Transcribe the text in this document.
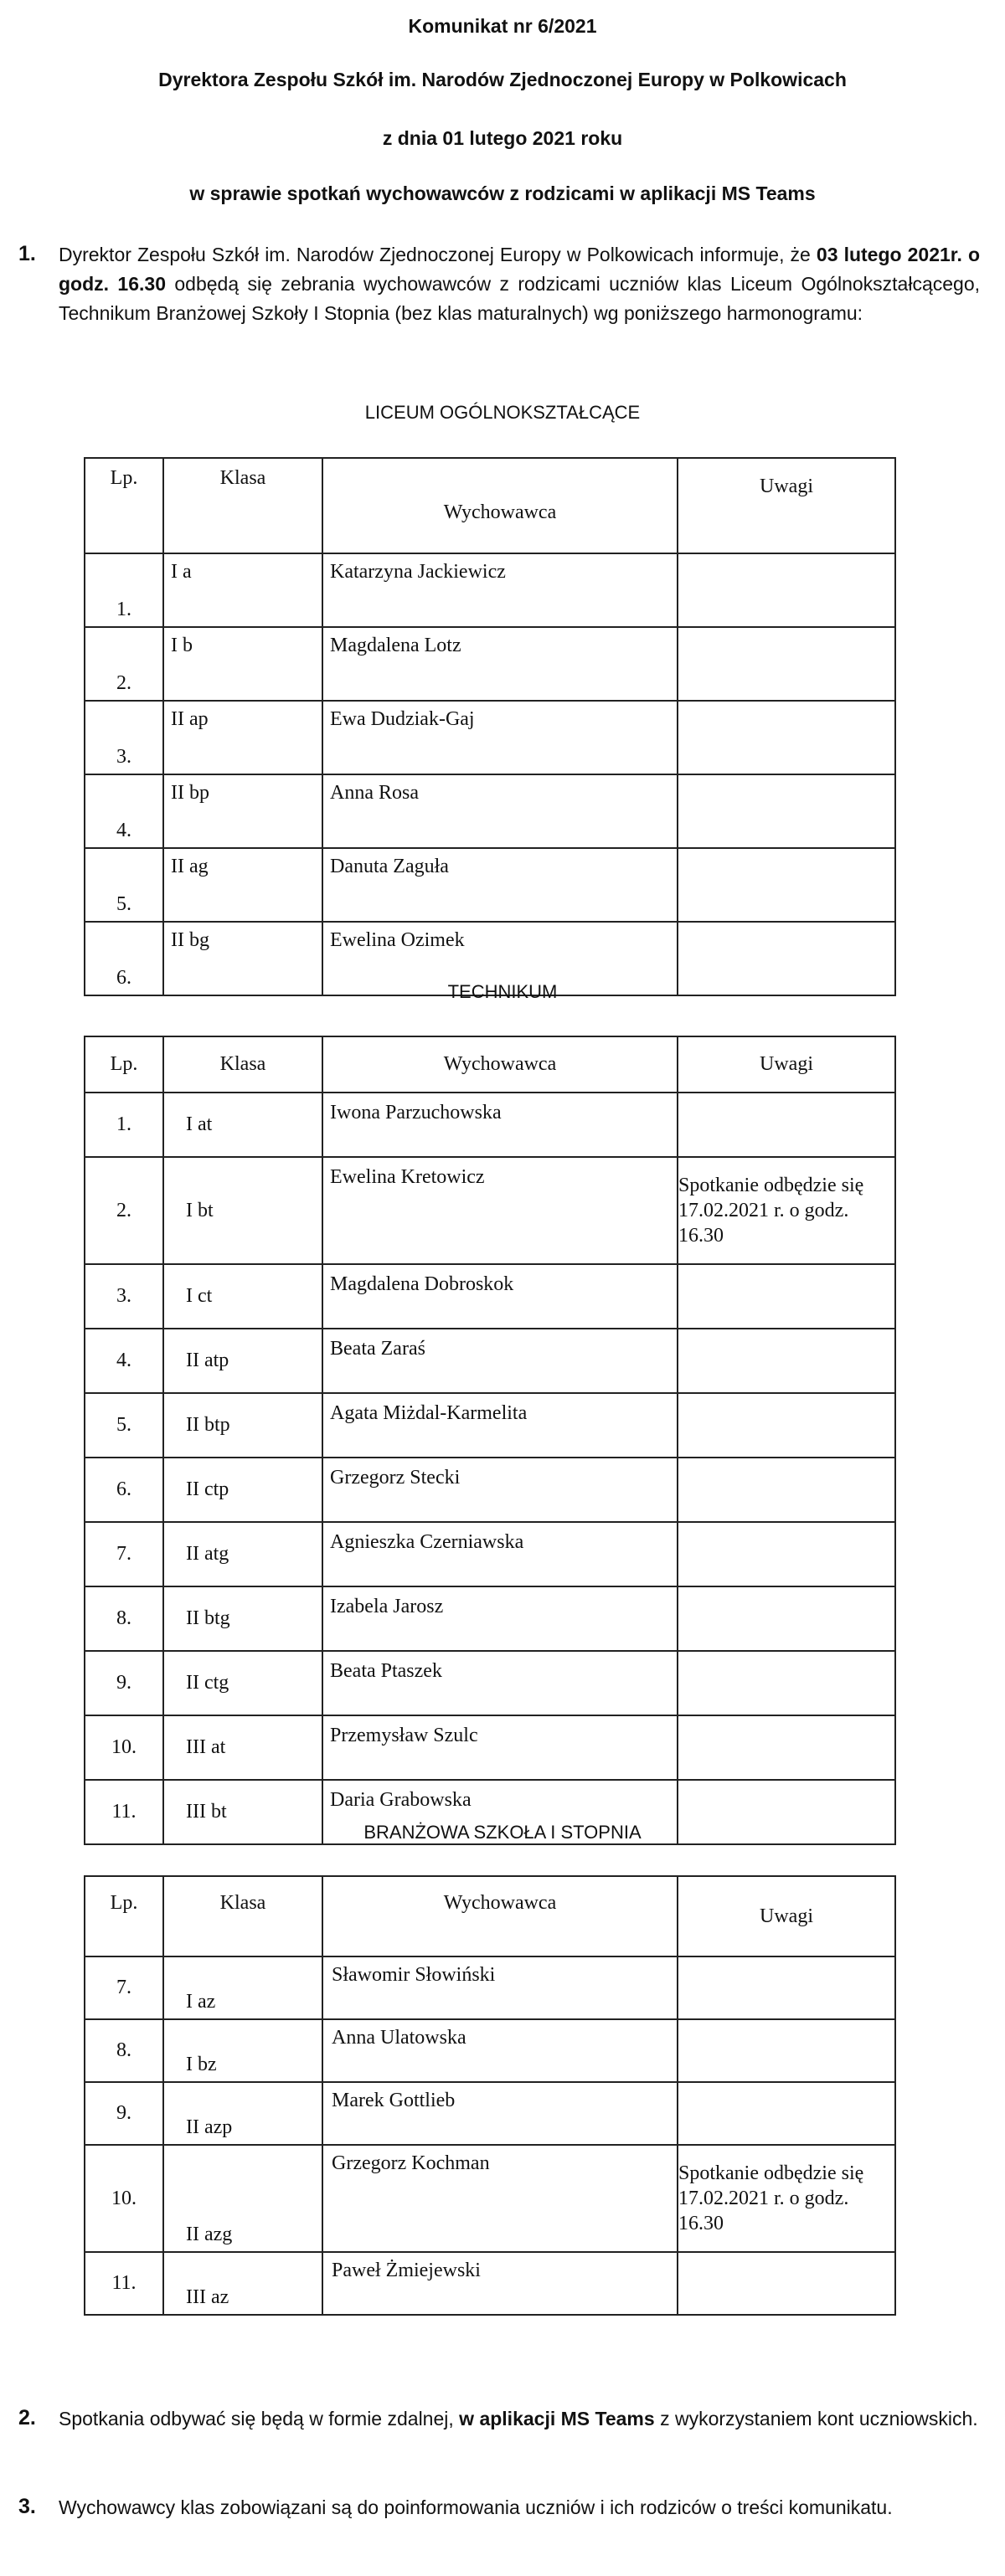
Komunikat nr 6/2021
Dyrektora Zespołu Szkół im. Narodów Zjednoczonej Europy w Polkowicach
z dnia 01 lutego 2021 roku
w sprawie spotkań wychowawców z rodzicami w aplikacji MS Teams
1. Dyrektor Zespołu Szkół im. Narodów Zjednoczonej Europy w Polkowicach informuje, że 03 lutego 2021r. o godz. 16.30 odbędą się zebrania wychowawców z rodzicami uczniów klas Liceum Ogólnokształcącego, Technikum Branżowej Szkoły I Stopnia (bez klas maturalnych) wg poniższego harmonogramu:
LICEUM OGÓLNOKSZTAŁCĄCE
Lp.	Klasa	Wychowawca	Uwagi
1.	I a	Katarzyna Jackiewicz	
2.	I b	Magdalena Lotz	
3.	II ap	Ewa Dudziak-Gaj	
4.	II bp	Anna Rosa	
5.	II ag	Danuta Zaguła	
6.	II bg	Ewelina Ozimek	
TECHNIKUM
Lp.	Klasa	Wychowawca	Uwagi
1.	I at	Iwona Parzuchowska	
2.	I bt	Ewelina Kretowicz	Spotkanie odbędzie się 17.02.2021 r. o godz. 16.30
3.	I ct	Magdalena Dobroskok	
4.	II atp	Beata Zaraś	
5.	II btp	Agata Miżdal-Karmelita	
6.	II ctp	Grzegorz Stecki	
7.	II atg	Agnieszka Czerniawska	
8.	II btg	Izabela Jarosz	
9.	II ctg	Beata Ptaszek	
10.	III at	Przemysław Szulc	
11.	III bt	Daria Grabowska	
BRANŻOWA SZKOŁA I STOPNIA
Lp.	Klasa	Wychowawca	Uwagi
7.	I az	Sławomir Słowiński	
8.	I bz	Anna Ulatowska	
9.	II azp	Marek Gottlieb	
10.	II azg	Grzegorz Kochman	Spotkanie odbędzie się 17.02.2021 r. o godz. 16.30
11.	III az	Paweł Żmiejewski	
2. Spotkania odbywać się będą w formie zdalnej, w aplikacji MS Teams z wykorzystaniem kont uczniowskich.
3. Wychowawcy klas zobowiązani są do poinformowania uczniów i ich rodziców o treści komunikatu.
